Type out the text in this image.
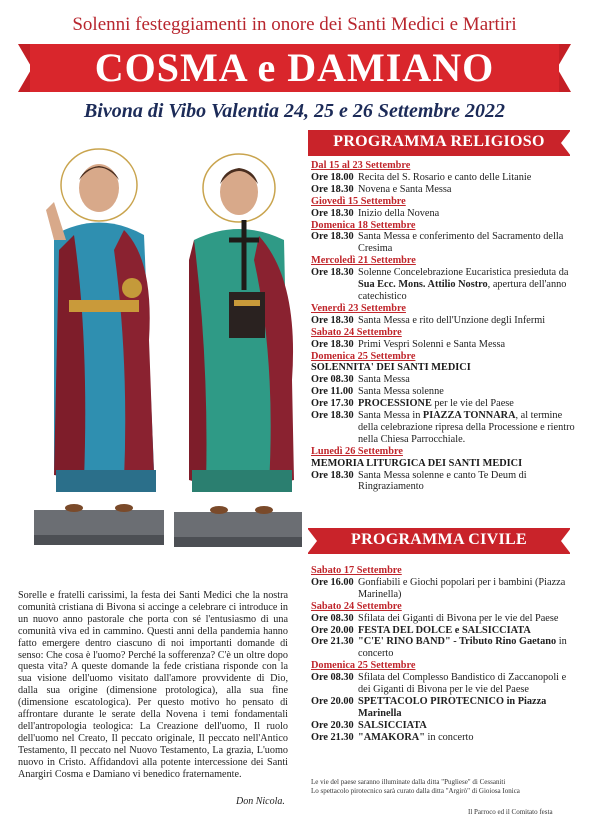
Solenni festeggiamenti in onore dei Santi Medici e Martiri
COSMA e DAMIANO
Bivona di Vibo Valentia 24, 25 e 26 Settembre 2022
PROGRAMMA RELIGIOSO
Dal 15 al 23 Settembre
Ore 18.00 Recita del S. Rosario e canto delle Litanie
Ore 18.30 Novena e Santa Messa
Giovedì 15 Settembre
Ore 18.30 Inizio della Novena
Domenica 18 Settembre
Ore 18.30 Santa Messa e conferimento del Sacramento della Cresima
Mercoledì 21 Settembre
Ore 18.30 Solenne Concelebrazione Eucaristica presieduta da Sua Ecc. Mons. Attilio Nostro, apertura dell'anno catechistico
Venerdì 23 Settembre
Ore 18.30 Santa Messa e rito dell'Unzione degli Infermi
Sabato 24 Settembre
Ore 18.30 Primi Vespri Solenni e Santa Messa
Domenica 25 Settembre
SOLENNITA' DEI SANTI MEDICI
Ore 08.30 Santa Messa
Ore 11.00 Santa Messa solenne
Ore 17.30 PROCESSIONE per le vie del Paese
Ore 18.30 Santa Messa in PIAZZA TONNARA, al termine della celebrazione ripresa della Processione e rientro nella Chiesa Parrocchiale.
Lunedì 26 Settembre
MEMORIA LITURGICA DEI SANTI MEDICI
Ore 18.30 Santa Messa solenne e canto Te Deum di Ringraziamento
PROGRAMMA CIVILE
Sabato 17 Settembre
Ore 16.00 Gonfiabili e Giochi popolari per i bambini (Piazza Marinella)
Sabato 24 Settembre
Ore 08.30 Sfilata dei Giganti di Bivona per le vie del Paese
Ore 20.00 FESTA DEL DOLCE e SALSICCIATA
Ore 21.30 "C'E' RINO BAND" - Tributo Rino Gaetano in concerto
Domenica 25 Settembre
Ore 08.30 Sfilata del Complesso Bandistico di Zaccanopoli e dei Giganti di Bivona per le vie del Paese
Ore 20.00 SPETTACOLO PIROTECNICO in Piazza Marinella
Ore 20.30 SALSICCIATA
Ore 21.30 "AMAKORA" in concerto
Le vie del paese saranno illuminate dalla ditta "Pugliese" di Cessaniti
Lo spettacolo pirotecnico sarà curato dalla ditta "Argirò" di Gioiosa Ionica
Il Parroco ed il Comitato festa
Sorelle e fratelli carissimi, la festa dei Santi Medici che la nostra comunità cristiana di Bivona si accinge a celebrare ci introduce in un nuovo anno pastorale che porta con sé l'entusiasmo di una comunità viva ed in cammino. Questi anni della pandemia hanno fatto emergere dentro ciascuno di noi importanti domande di senso: Che cosa è l'uomo? Perché la sofferenza? C'è un oltre dopo questa vita? A queste domande la fede cristiana risponde con la sua visione dell'uomo visitato dall'amore provvidente di Dio, dalla sua origine (dimensione protologica), alla sua fine (dimensione escatologica). Per questo motivo ho pensato di affrontare durante le serate della Novena i temi fondamentali dell'antropologia teologica: La Creazione dell'uomo, Il ruolo dell'uomo nel Creato, Il peccato originale, Il peccato nell'Antico Testamento, Il peccato nel Nuovo Testamento, La grazia, L'uomo nuovo in Cristo. Affidandovi alla potente intercessione dei Santi Anargiri Cosma e Damiano vi benedico fraternamente.
Don Nicola.
